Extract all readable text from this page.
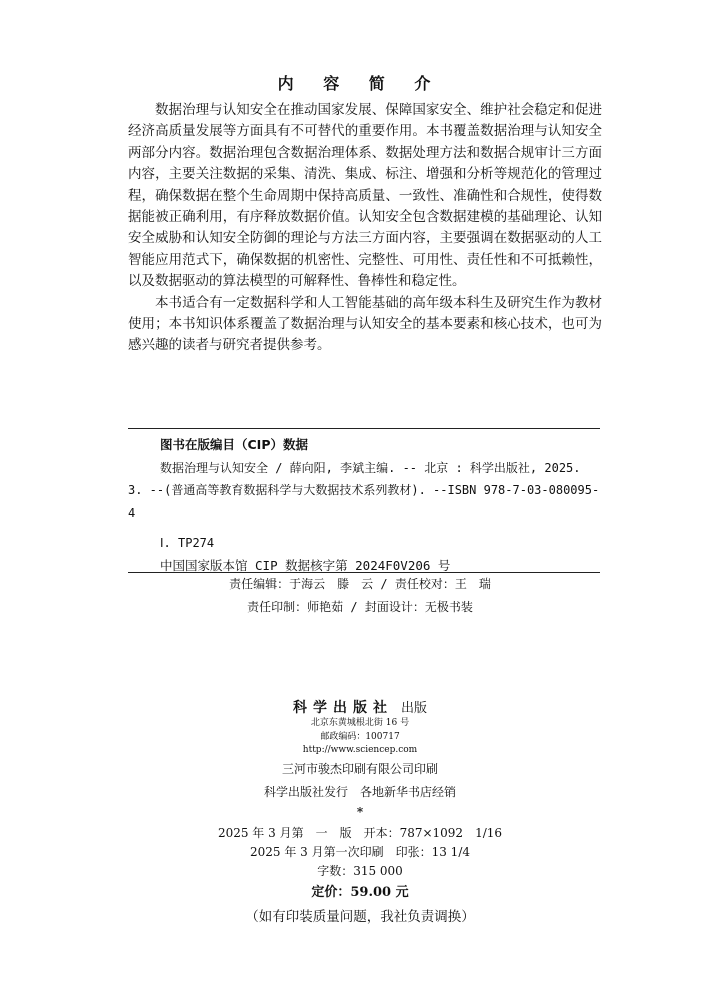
内 容 简 介

数据治理与认知安全在推动国家发展、保障国家安全、维护社会稳定和促进经济高质量发展等方面具有不可替代的重要作用。本书覆盖数据治理与认知安全两部分内容。数据治理包含数据治理体系、数据处理方法和数据合规审计三方面内容，主要关注数据的采集、清洗、集成、标注、增强和分析等规范化的管理过程，确保数据在整个生命周期中保持高质量、一致性、准确性和合规性，使得数据能被正确利用，有序释放数据价值。认知安全包含数据建模的基础理论、认知安全威胁和认知安全防御的理论与方法三方面内容，主要强调在数据驱动的人工智能应用范式下，确保数据的机密性、完整性、可用性、责任性和不可抵赖性，以及数据驱动的算法模型的可解释性、鲁棒性和稳定性。

本书适合有一定数据科学和人工智能基础的高年级本科生及研究生作为教材使用；本书知识体系覆盖了数据治理与认知安全的基本要素和核心技术，也可为感兴趣的读者与研究者提供参考。

图书在版编目（CIP）数据
数据治理与认知安全 / 薛向阳, 李斌主编. -- 北京 : 科学出版社, 2025. 3. --(普通高等教育数据科学与大数据技术系列教材). --ISBN 978-7-03-080095-4
Ⅰ. TP274
中国国家版本馆 CIP 数据核字第 2024F0V206 号
责任编辑：于海云　滕　云 / 责任校对：王　瑞
责任印制：师艳茹 / 封面设计：无极书装
科学出版社 出版
北京东黄城根北街 16 号
邮政编码：100717
http://www.sciencep.com
三河市骏杰印刷有限公司印刷
科学出版社发行　各地新华书店经销
*
2025 年 3 月第　一　版　开本：787×1092　1/16
2025 年 3 月第一次印刷　印张：13 1/4
字数：315 000
定价：59.00 元
（如有印装质量问题，我社负责调换）
